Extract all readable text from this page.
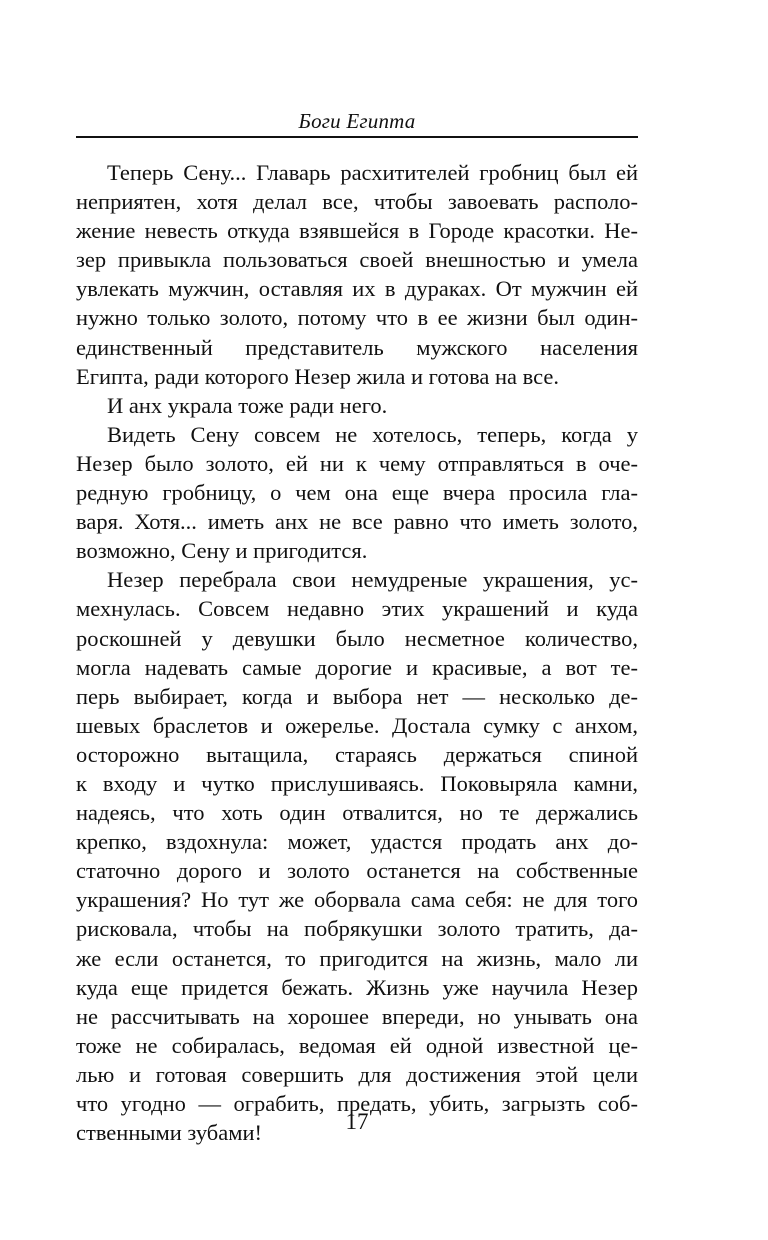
Боги Египта
Теперь Сену... Главарь расхитителей гробниц был ей
неприятен, хотя делал все, чтобы завоевать располо-
жение невесть откуда взявшейся в Городе красотки. Не-
зер привыкла пользоваться своей внешностью и умела
увлекать мужчин, оставляя их в дураках. От мужчин ей
нужно только золото, потому что в ее жизни был один-
единственный представитель мужского населения
Египта, ради которого Незер жила и готова на все.
И анх украла тоже ради него.
Видеть Сену совсем не хотелось, теперь, когда у
Незер было золото, ей ни к чему отправляться в оче-
редную гробницу, о чем она еще вчера просила гла-
варя. Хотя... иметь анх не все равно что иметь золото,
возможно, Сену и пригодится.
Незер перебрала свои немудреные украшения, ус-
мехнулась. Совсем недавно этих украшений и куда
роскошней у девушки было несметное количество,
могла надевать самые дорогие и красивые, а вот те-
перь выбирает, когда и выбора нет — несколько де-
шевых браслетов и ожерелье. Достала сумку с анхом,
осторожно вытащила, стараясь держаться спиной
к входу и чутко прислушиваясь. Поковыряла камни,
надеясь, что хоть один отвалится, но те держались
крепко, вздохнула: может, удастся продать анх до-
статочно дорого и золото останется на собственные
украшения? Но тут же оборвала сама себя: не для того
рисковала, чтобы на побрякушки золото тратить, да-
же если останется, то пригодится на жизнь, мало ли
куда еще придется бежать. Жизнь уже научила Незер
не рассчитывать на хорошее впереди, но унывать она
тоже не собиралась, ведомая ей одной известной це-
лью и готовая совершить для достижения этой цели
что угодно — ограбить, предать, убить, загрызть соб-
ственными зубами!	17
